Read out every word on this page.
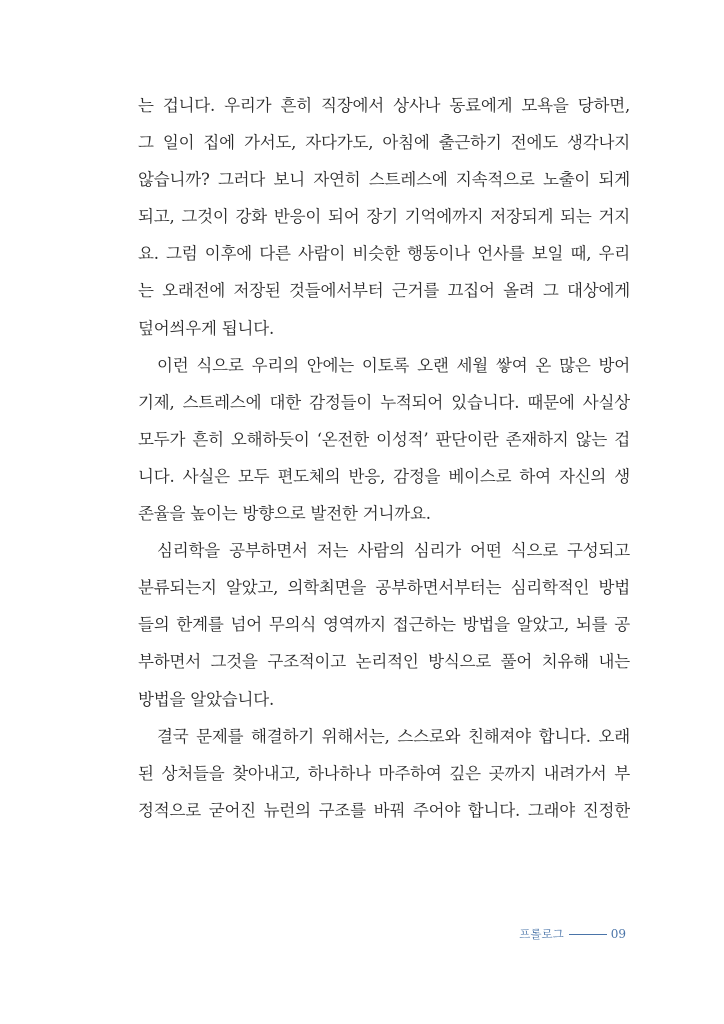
는 겁니다. 우리가 흔히 직장에서 상사나 동료에게 모욕을 당하면,
그 일이 집에 가서도, 자다가도, 아침에 출근하기 전에도 생각나지
않습니까? 그러다 보니 자연히 스트레스에 지속적으로 노출이 되게
되고, 그것이 강화 반응이 되어 장기 기억에까지 저장되게 되는 거지
요. 그럼 이후에 다른 사람이 비슷한 행동이나 언사를 보일 때, 우리
는 오래전에 저장된 것들에서부터 근거를 끄집어 올려 그 대상에게
덮어씌우게 됩니다.
이런 식으로 우리의 안에는 이토록 오랜 세월 쌓여 온 많은 방어
기제, 스트레스에 대한 감정들이 누적되어 있습니다. 때문에 사실상
모두가 흔히 오해하듯이 ‘온전한 이성적’ 판단이란 존재하지 않는 겁
니다. 사실은 모두 편도체의 반응, 감정을 베이스로 하여 자신의 생
존율을 높이는 방향으로 발전한 거니까요.
심리학을 공부하면서 저는 사람의 심리가 어떤 식으로 구성되고
분류되는지 알았고, 의학최면을 공부하면서부터는 심리학적인 방법
들의 한계를 넘어 무의식 영역까지 접근하는 방법을 알았고, 뇌를 공
부하면서 그것을 구조적이고 논리적인 방식으로 풀어 치유해 내는
방법을 알았습니다.
결국 문제를 해결하기 위해서는, 스스로와 친해져야 합니다. 오래
된 상처들을 찾아내고, 하나하나 마주하여 깊은 곳까지 내려가서 부
정적으로 굳어진 뉴런의 구조를 바꿔 주어야 합니다. 그래야 진정한
프롤로그	09
